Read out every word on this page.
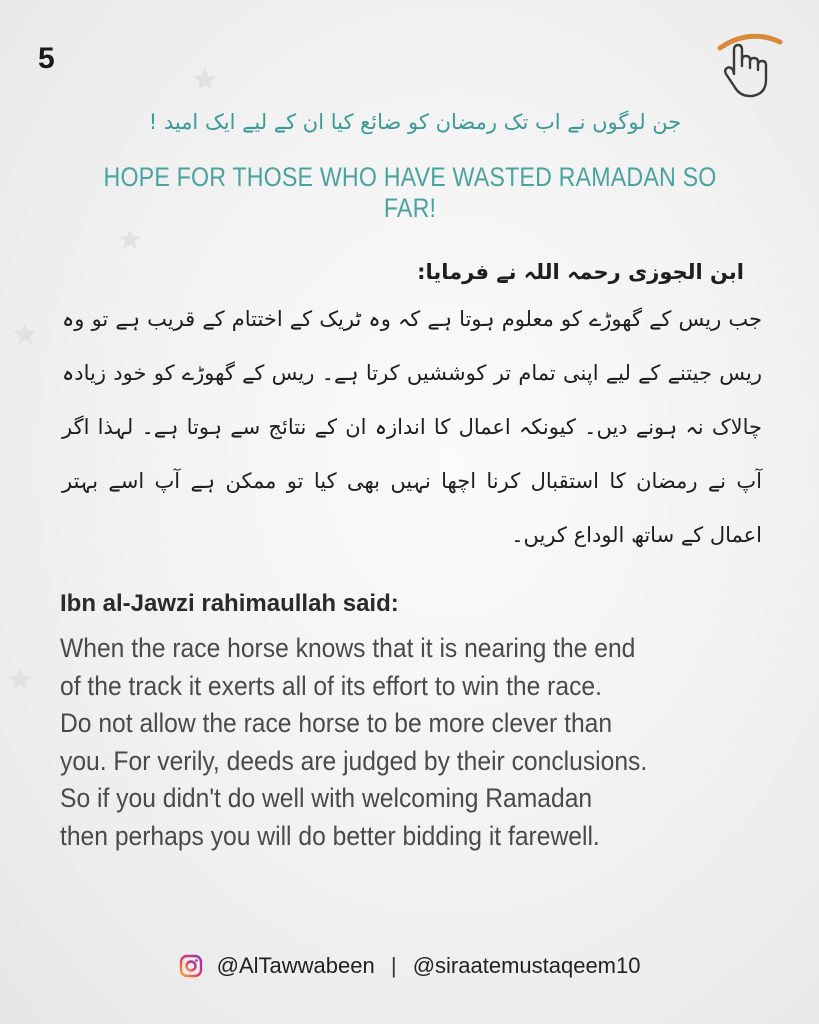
5
جن لوگوں نے اب تک رمضان کو ضائع کیا ان کے لیے ایک امید !
HOPE FOR THOSE WHO HAVE WASTED RAMADAN SO FAR!
ابن الجوزی رحمہ اللہ نے فرمایا:
جب ریس کے گھوڑے کو معلوم ہوتا ہے کہ وہ ٹریک کے اختتام کے قریب ہے تو وہ ریس جیتنے کے لیے اپنی تمام تر کوششیں کرتا ہے۔ ریس کے گھوڑے کو خود زیادہ چالاک نہ ہونے دیں۔ کیونکہ اعمال کا اندازہ ان کے نتائج سے ہوتا ہے۔ لہذا اگر آپ نے رمضان کا استقبال کرنا اچھا نہیں بھی کیا تو ممکن ہے آپ اسے بہتر اعمال کے ساتھ الوداع کریں۔
Ibn al-Jawzi rahimaullah said:
When the race horse knows that it is nearing the end
of the track it exerts all of its effort to win the race.
Do not allow the race horse to be more clever than
you. For verily, deeds are judged by their conclusions.
So if you didn't do well with welcoming Ramadan
then perhaps you will do better bidding it farewell.
@AlTawwabeen | @siraatemustaqeem10
